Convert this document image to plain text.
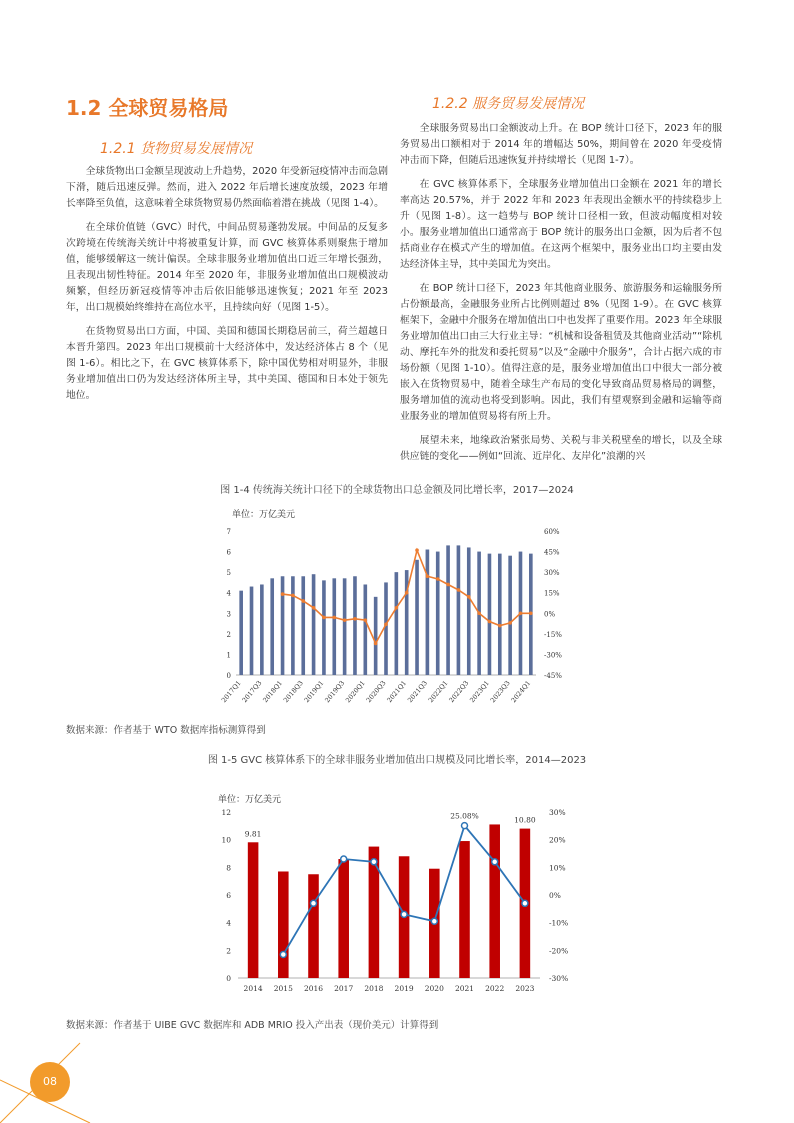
1.2 全球贸易格局
1.2.1 货物贸易发展情况
1.2.2 服务贸易发展情况

全球货物出口金额呈现波动上升趋势，2020 年受新冠疫情冲击而急剧下滑，随后迅速反弹。然而，进入 2022 年后增长速度放缓，2023 年增长率降至负值，这意味着全球货物贸易仍然面临着潜在挑战（见图 1-4）。

在全球价值链（GVC）时代，中间品贸易蓬勃发展。中间品的反复多次跨境在传统海关统计中将被重复计算，而 GVC 核算体系则聚焦于增加值，能够缓解这一统计偏误。全球非服务业增加值出口近三年增长强劲，且表现出韧性特征。2014 年至 2020 年，非服务业增加值出口规模波动频繁，但经历新冠疫情等冲击后依旧能够迅速恢复；2021 年至 2023 年，出口规模始终维持在高位水平，且持续向好（见图 1-5）。

在货物贸易出口方面，中国、美国和德国长期稳居前三，荷兰超越日本晋升第四。2023 年出口规模前十大经济体中，发达经济体占 8 个（见图 1-6）。相比之下，在 GVC 核算体系下，除中国优势相对明显外，非服务业增加值出口仍为发达经济体所主导，其中美国、德国和日本处于领先地位。

全球服务贸易出口金额波动上升。在 BOP 统计口径下，2023 年的服务贸易出口额相对于 2014 年的增幅达 50%，期间曾在 2020 年受疫情冲击而下降，但随后迅速恢复并持续增长（见图 1-7）。

在 GVC 核算体系下，全球服务业增加值出口金额在 2021 年的增长率高达 20.57%，并于 2022 年和 2023 年表现出金额水平的持续稳步上升（见图 1-8）。这一趋势与 BOP 统计口径相一致，但波动幅度相对较小。服务业增加值出口通常高于 BOP 统计的服务出口金额，因为后者不包括商业存在模式产生的增加值。在这两个框架中，服务业出口均主要由发达经济体主导，其中美国尤为突出。

在 BOP 统计口径下，2023 年其他商业服务、旅游服务和运输服务所占份额最高，金融服务业所占比例则超过 8%（见图 1-9）。在 GVC 核算框架下，金融中介服务在增加值出口中也发挥了重要作用。2023 年全球服务业增加值出口由三大行业主导：“机械和设备租赁及其他商业活动”“除机动、摩托车外的批发和委托贸易”以及“金融中介服务”，合计占据六成的市场份额（见图 1-10）。值得注意的是，服务业增加值出口中很大一部分被嵌入在货物贸易中，随着全球生产布局的变化导致商品贸易格局的调整，服务增加值的流动也将受到影响。因此，我们有望观察到金融和运输等商业服务业的增加值贸易将有所上升。

展望未来，地缘政治紧张局势、关税与非关税壁垒的增长，以及全球供应链的变化——例如“回流、近岸化、友岸化”浪潮的兴

图 1-4 传统海关统计口径下的全球货物出口总金额及同比增长率，2017—2024
图 1-5 GVC 核算体系下的全球非服务业增加值出口规模及同比增长率，2014—2023
单位：万亿美元
0
1
2
3
4
5
6
7
-45%
-30%
-15%
0%
15%
30%
45%
60%
2017Q1
2017Q3
2018Q1
2018Q3
2019Q1
2019Q3
2020Q1
2020Q3
2021Q1
2021Q3
2022Q1
2022Q3
2023Q1
2023Q3
2024Q1
单位：万亿美元
0
2
4
6
8
10
12
-30%
-20%
-10%
0%
10%
20%
30%
2014 2015 2016 2017 2018 2019 2020 2021 2022 2023
9.81
10.80
25.08%
数据来源：作者基于 WTO 数据库指标测算得到
数据来源：作者基于 UIBE GVC 数据库和 ADB MRIO 投入产出表（现价美元）计算得到
08
